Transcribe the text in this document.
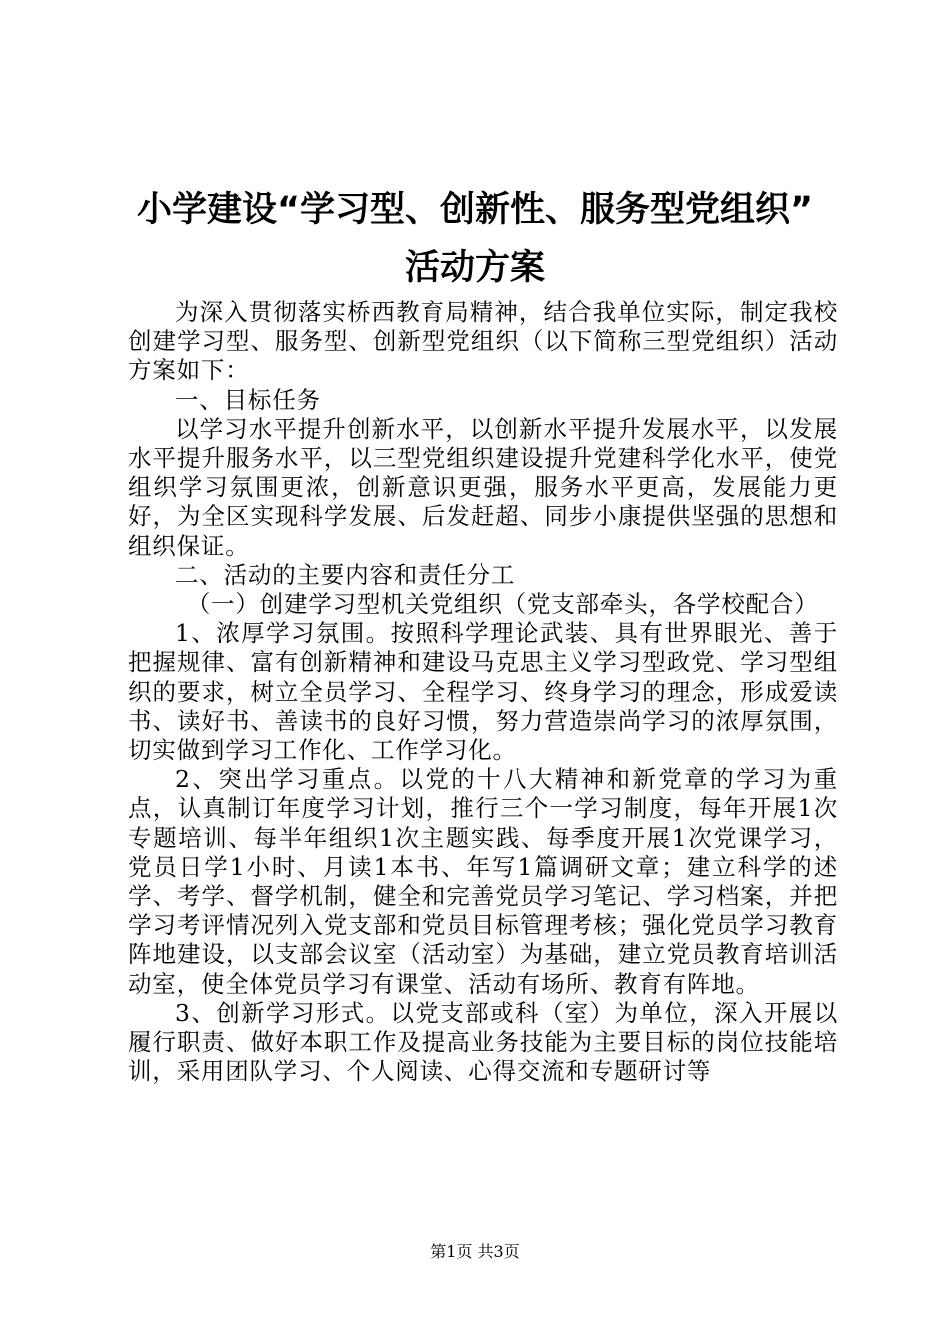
小学建设“学习型、创新性、服务型党组织”
活动方案

为深入贯彻落实桥西教育局精神，结合我单位实际，制定我校创建学习型、服务型、创新型党组织（以下简称三型党组织）活动方案如下：

一、目标任务

以学习水平提升创新水平，以创新水平提升发展水平，以发展水平提升服务水平，以三型党组织建设提升党建科学化水平，使党组织学习氛围更浓，创新意识更强，服务水平更高，发展能力更好，为全区实现科学发展、后发赶超、同步小康提供坚强的思想和组织保证。

二、活动的主要内容和责任分工

（一）创建学习型机关党组织（党支部牵头，各学校配合）

1、浓厚学习氛围。按照科学理论武装、具有世界眼光、善于把握规律、富有创新精神和建设马克思主义学习型政党、学习型组织的要求，树立全员学习、全程学习、终身学习的理念，形成爱读书、读好书、善读书的良好习惯，努力营造崇尚学习的浓厚氛围，切实做到学习工作化、工作学习化。

2、突出学习重点。以党的十八大精神和新党章的学习为重点，认真制订年度学习计划，推行三个一学习制度，每年开展1次专题培训、每半年组织1次主题实践、每季度开展1次党课学习，党员日学1小时、月读1本书、年写1篇调研文章；建立科学的述学、考学、督学机制，健全和完善党员学习笔记、学习档案，并把学习考评情况列入党支部和党员目标管理考核；强化党员学习教育阵地建设，以支部会议室（活动室）为基础，建立党员教育培训活动室，使全体党员学习有课堂、活动有场所、教育有阵地。

3、创新学习形式。以党支部或科（室）为单位，深入开展以履行职责、做好本职工作及提高业务技能为主要目标的岗位技能培训，采用团队学习、个人阅读、心得交流和专题研讨等

第1页 共3页
